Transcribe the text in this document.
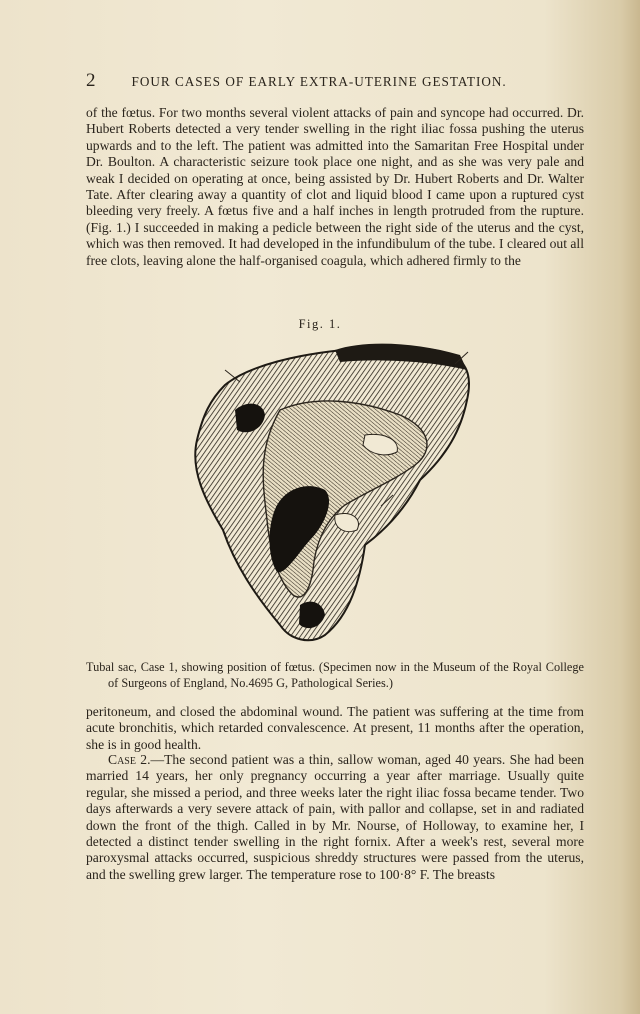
2	FOUR CASES OF EARLY EXTRA-UTERINE GESTATION.

of the fœtus. For two months several violent attacks of pain and syncope had occurred. Dr. Hubert Roberts detected a very tender swelling in the right iliac fossa pushing the uterus upwards and to the left. The patient was admitted into the Samaritan Free Hospital under Dr. Boulton. A characteristic seizure took place one night, and as she was very pale and weak I decided on operating at once, being assisted by Dr. Hubert Roberts and Dr. Walter Tate. After clearing away a quantity of clot and liquid blood I came upon a ruptured cyst bleeding very freely. A fœtus five and a half inches in length protruded from the rupture. (Fig. 1.) I succeeded in making a pedicle between the right side of the uterus and the cyst, which was then removed. It had developed in the infundibulum of the tube. I cleared out all free clots, leaving alone the half-organised coagula, which adhered firmly to the

Fig. 1.

Tubal sac, Case 1, showing position of fœtus. (Specimen now in the Museum of the Royal College of Surgeons of England, No.4695 G, Pathological Series.)

peritoneum, and closed the abdominal wound. The patient was suffering at the time from acute bronchitis, which retarded convalescence. At present, 11 months after the operation, she is in good health.

Case 2.—The second patient was a thin, sallow woman, aged 40 years. She had been married 14 years, her only pregnancy occurring a year after marriage. Usually quite regular, she missed a period, and three weeks later the right iliac fossa became tender. Two days afterwards a very severe attack of pain, with pallor and collapse, set in and radiated down the front of the thigh. Called in by Mr. Nourse, of Holloway, to examine her, I detected a distinct tender swelling in the right fornix. After a week's rest, several more paroxysmal attacks occurred, suspicious shreddy structures were passed from the uterus, and the swelling grew larger. The temperature rose to 100·8° F. The breasts
